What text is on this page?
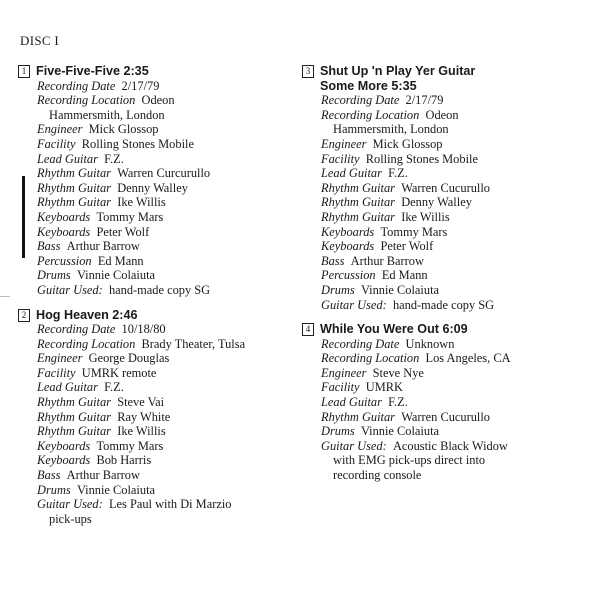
DISC I
1 Five-Five-Five 2:35
Recording Date 2/17/79
Recording Location Odeon
Hammersmith, London
Engineer Mick Glossop
Facility Rolling Stones Mobile
Lead Guitar F.Z.
Rhythm Guitar Warren Curcurullo
Rhythm Guitar Denny Walley
Rhythm Guitar Ike Willis
Keyboards Tommy Mars
Keyboards Peter Wolf
Bass Arthur Barrow
Percussion Ed Mann
Drums Vinnie Colaiuta
Guitar Used: hand-made copy SG
2 Hog Heaven 2:46
Recording Date 10/18/80
Recording Location Brady Theater, Tulsa
Engineer George Douglas
Facility UMRK remote
Lead Guitar F.Z.
Rhythm Guitar Steve Vai
Rhythm Guitar Ray White
Rhythm Guitar Ike Willis
Keyboards Tommy Mars
Keyboards Bob Harris
Bass Arthur Barrow
Drums Vinnie Colaiuta
Guitar Used: Les Paul with Di Marzio
pick-ups
3 Shut Up 'n Play Yer Guitar
Some More 5:35
Recording Date 2/17/79
Recording Location Odeon
Hammersmith, London
Engineer Mick Glossop
Facility Rolling Stones Mobile
Lead Guitar F.Z.
Rhythm Guitar Warren Cucurullo
Rhythm Guitar Denny Walley
Rhythm Guitar Ike Willis
Keyboards Tommy Mars
Keyboards Peter Wolf
Bass Arthur Barrow
Percussion Ed Mann
Drums Vinnie Colaiuta
Guitar Used: hand-made copy SG
4 While You Were Out 6:09
Recording Date Unknown
Recording Location Los Angeles, CA
Engineer Steve Nye
Facility UMRK
Lead Guitar F.Z.
Rhythm Guitar Warren Cucurullo
Drums Vinnie Colaiuta
Guitar Used: Acoustic Black Widow
with EMG pick-ups direct into
recording console
